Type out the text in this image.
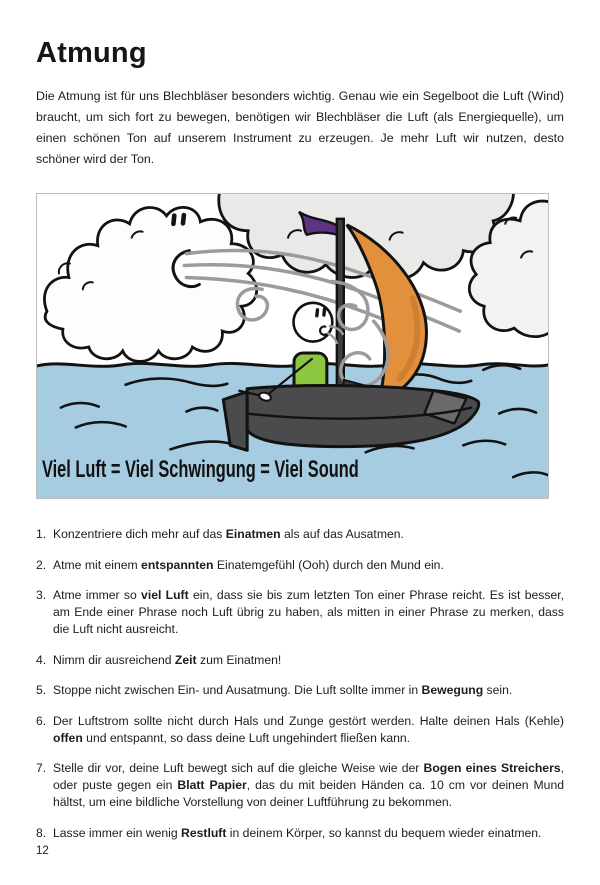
Atmung

Die Atmung ist für uns Blechbläser besonders wichtig. Genau wie ein Segelboot die Luft (Wind) braucht, um sich fort zu bewegen, benötigen wir Blechbläser die Luft (als Energiequelle), um einen schönen Ton auf unserem Instrument zu erzeugen. Je mehr Luft wir nutzen, desto schöner wird der Ton.

Viel Luft = Viel Schwingung = Viel Sound
1. Konzentriere dich mehr auf das Einatmen als auf das Ausatmen.
2. Atme mit einem entspannten Einatemgefühl (Ooh) durch den Mund ein.
3. Atme immer so viel Luft ein, dass sie bis zum letzten Ton einer Phrase reicht. Es ist besser, am Ende einer Phrase noch Luft übrig zu haben, als mitten in einer Phrase zu merken, dass die Luft nicht ausreicht.
4. Nimm dir ausreichend Zeit zum Einatmen!
5. Stoppe nicht zwischen Ein- und Ausatmung. Die Luft sollte immer in Bewegung sein.
6. Der Luftstrom sollte nicht durch Hals und Zunge gestört werden. Halte deinen Hals (Kehle) offen und entspannt, so dass deine Luft ungehindert fließen kann.
7. Stelle dir vor, deine Luft bewegt sich auf die gleiche Weise wie der Bogen eines Streichers, oder puste gegen ein Blatt Papier, das du mit beiden Händen ca. 10 cm vor deinen Mund hältst, um eine bildliche Vorstellung von deiner Luftführung zu bekommen.
8. Lasse immer ein wenig Restluft in deinem Körper, so kannst du bequem wieder einatmen.
12
